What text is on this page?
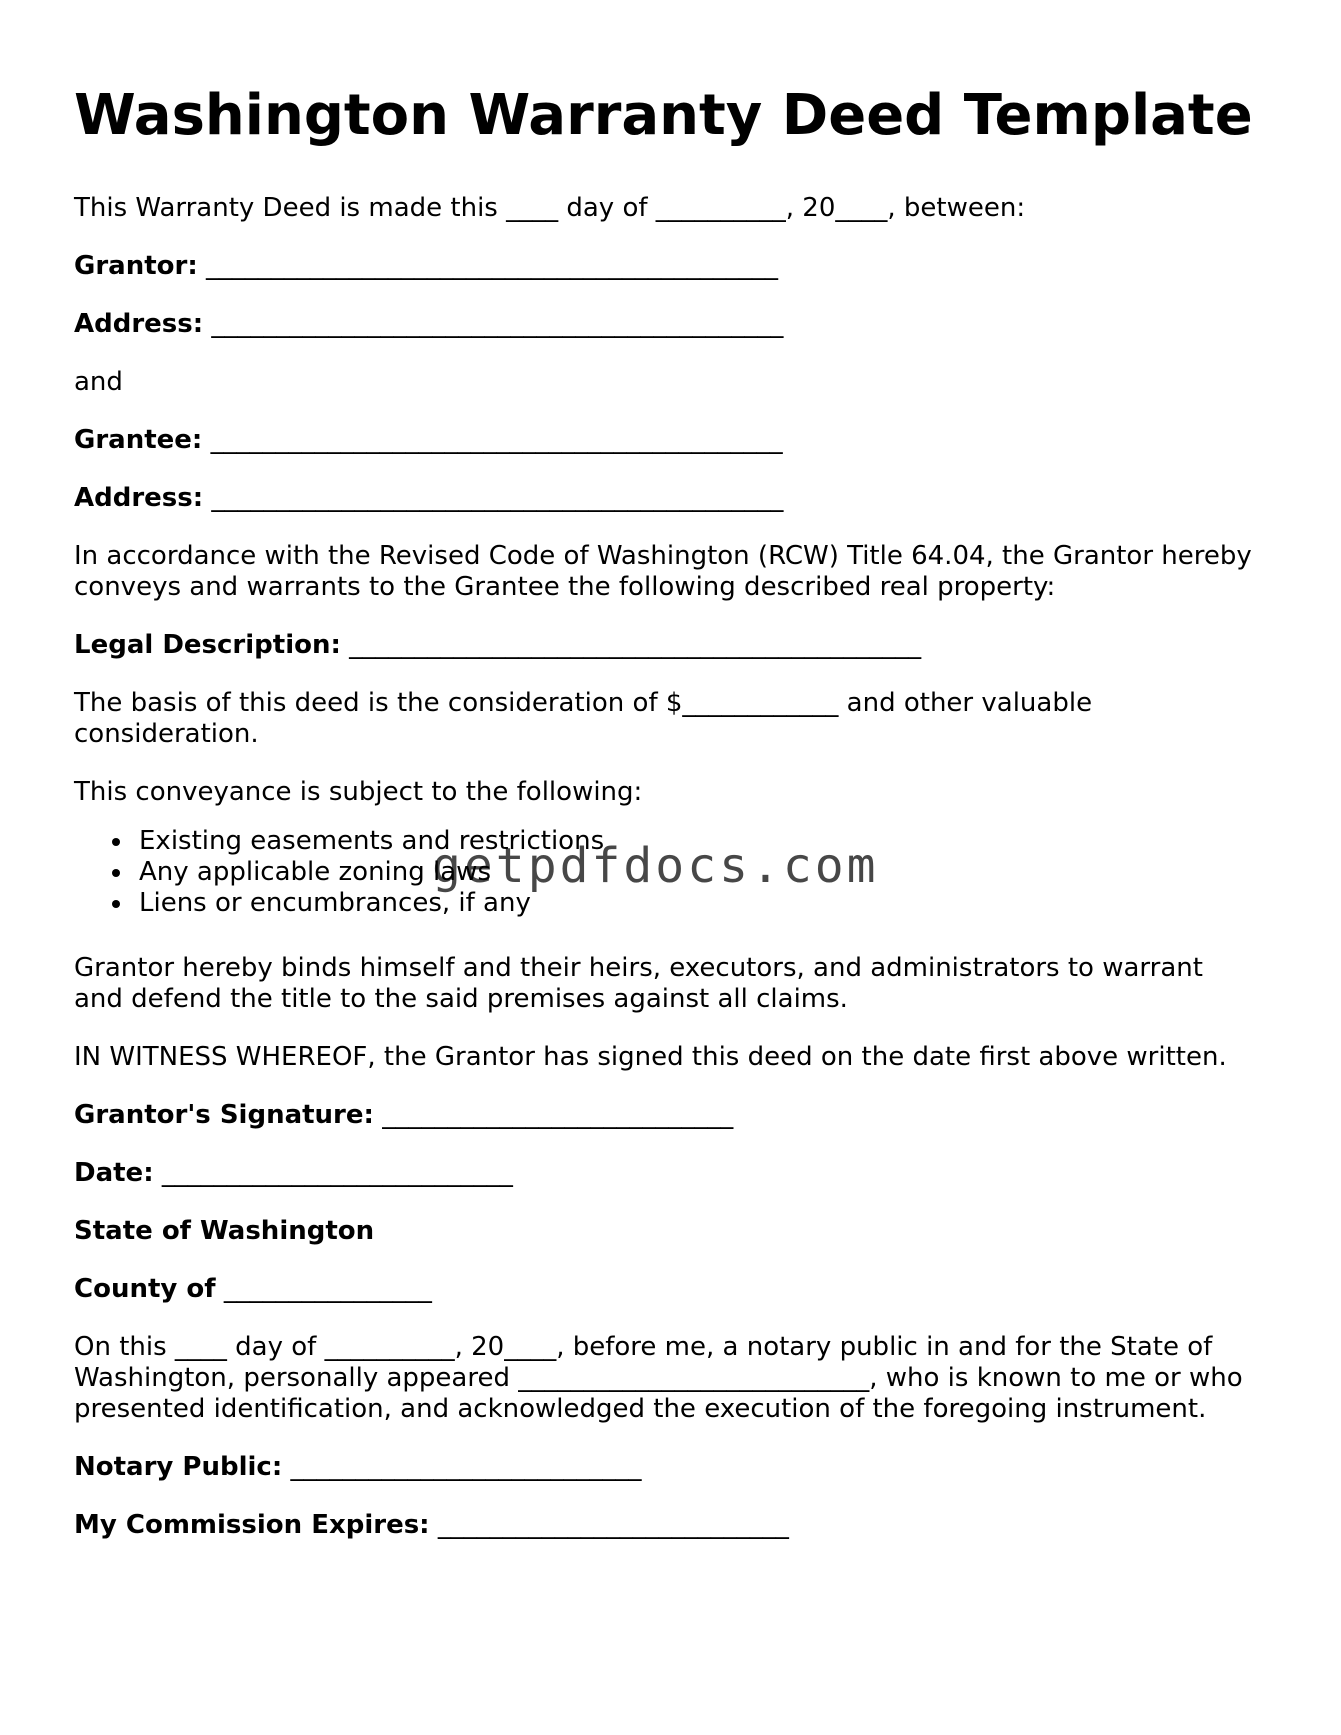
Washington Warranty Deed Template

This Warranty Deed is made this ____ day of __________, 20____, between:

Grantor: ____________________________________________

Address: ____________________________________________

and

Grantee: ____________________________________________

Address: ____________________________________________

In accordance with the Revised Code of Washington (RCW) Title 64.04, the Grantor hereby

conveys and warrants to the Grantee the following described real property:

Legal Description: ____________________________________________

The basis of this deed is the consideration of $____________ and other valuable

consideration.

This conveyance is subject to the following:

Existing easements and restrictions
Any applicable zoning laws
Liens or encumbrances, if any

Grantor hereby binds himself and their heirs, executors, and administrators to warrant

and defend the title to the said premises against all claims.

IN WITNESS WHEREOF, the Grantor has signed this deed on the date first above written.

Grantor's Signature: ___________________________

Date: ___________________________

State of Washington

County of ________________

On this ____ day of __________, 20____, before me, a notary public in and for the State of

Washington, personally appeared ___________________________, who is known to me or who

presented identification, and acknowledged the execution of the foregoing instrument.

Notary Public: ___________________________

My Commission Expires: ___________________________

getpdfdocs.com
